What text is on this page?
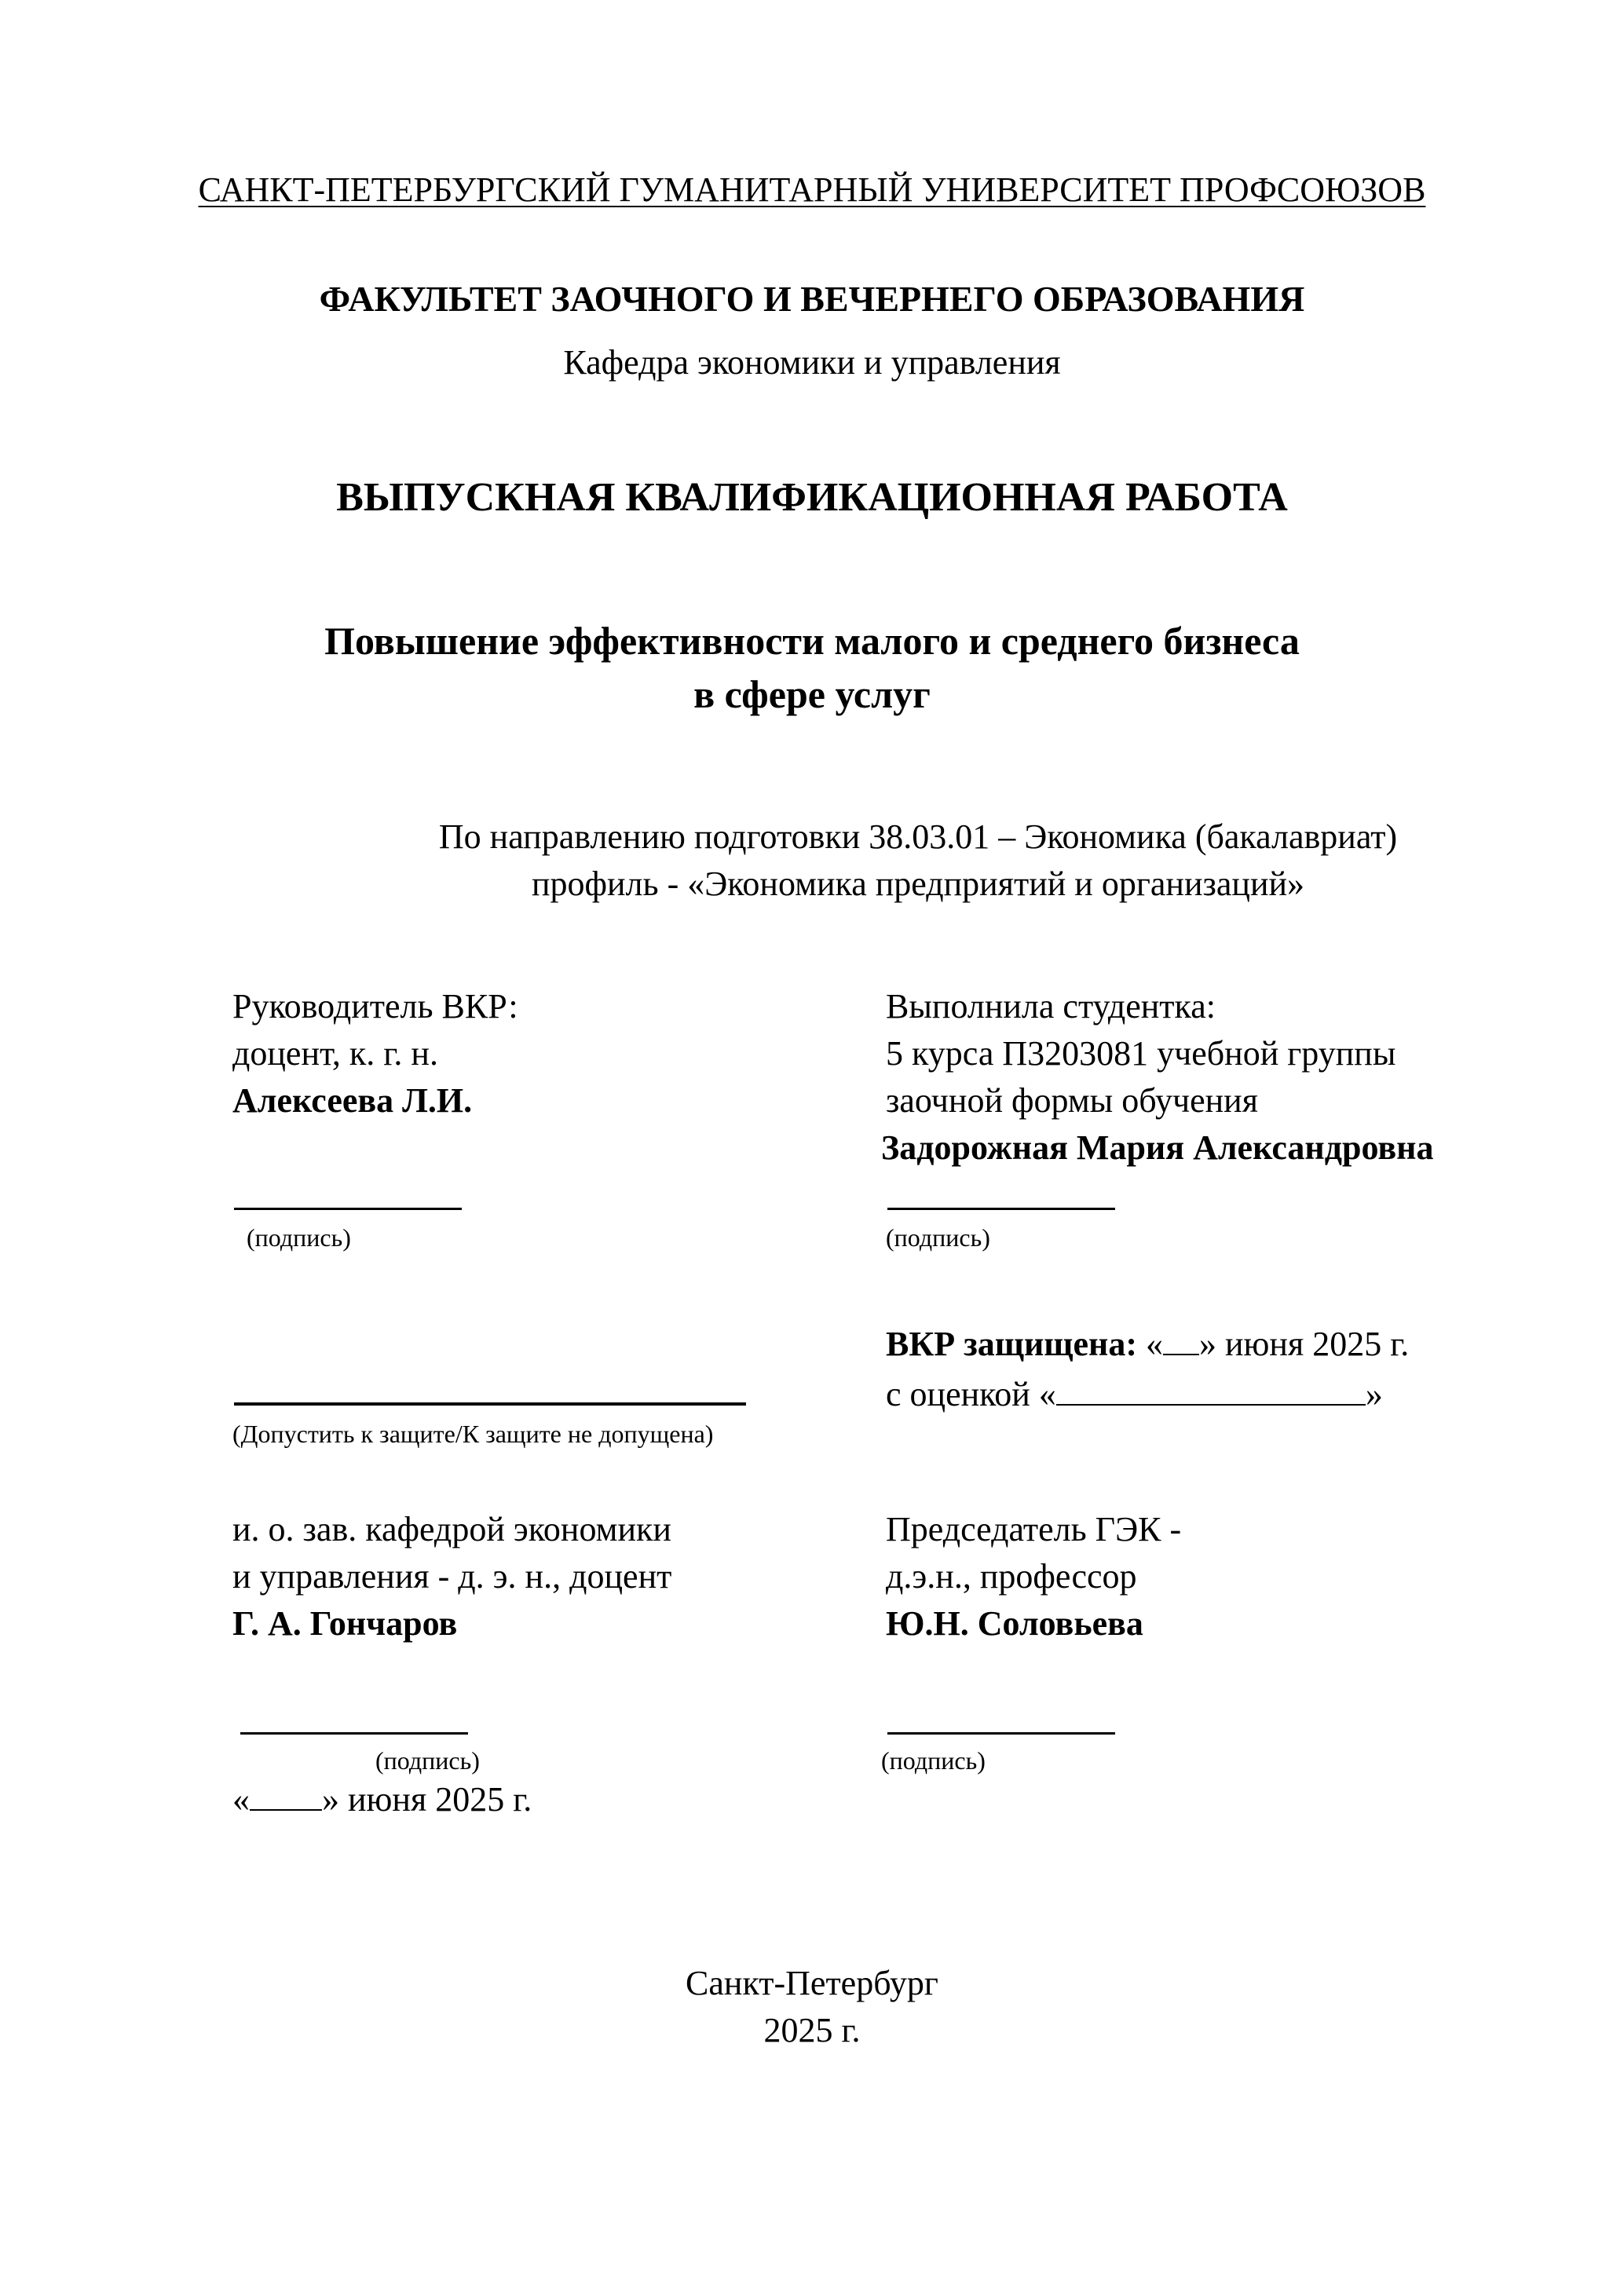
САНКТ-ПЕТЕРБУРГСКИЙ ГУМАНИТАРНЫЙ УНИВЕРСИТЕТ ПРОФСОЮЗОВ
ФАКУЛЬТЕТ ЗАОЧНОГО И ВЕЧЕРНЕГО ОБРАЗОВАНИЯ
Кафедра экономики и управления
ВЫПУСКНАЯ КВАЛИФИКАЦИОННАЯ РАБОТА
Повышение эффективности малого и среднего бизнеса
в сфере услуг
По направлению подготовки 38.03.01 – Экономика (бакалавриат)
профиль - «Экономика предприятий и организаций»
Руководитель ВКР:
доцент, к. г. н.
Алексеева Л.И.
(подпись)
Выполнила студентка:
5 курса П3203081 учебной группы
заочной формы обучения
Задорожная Мария Александровна
(подпись)
(Допустить к защите/К защите не допущена)
ВКР защищена: « » июня 2025 г.
с оценкой «	»
и. о. зав. кафедрой экономики
и управления - д. э. н., доцент
Г. А. Гончаров
(подпись)
« » июня 2025 г.
Председатель ГЭК -
д.э.н., профессор
Ю.Н. Соловьева
(подпись)
Санкт-Петербург
2025 г.
